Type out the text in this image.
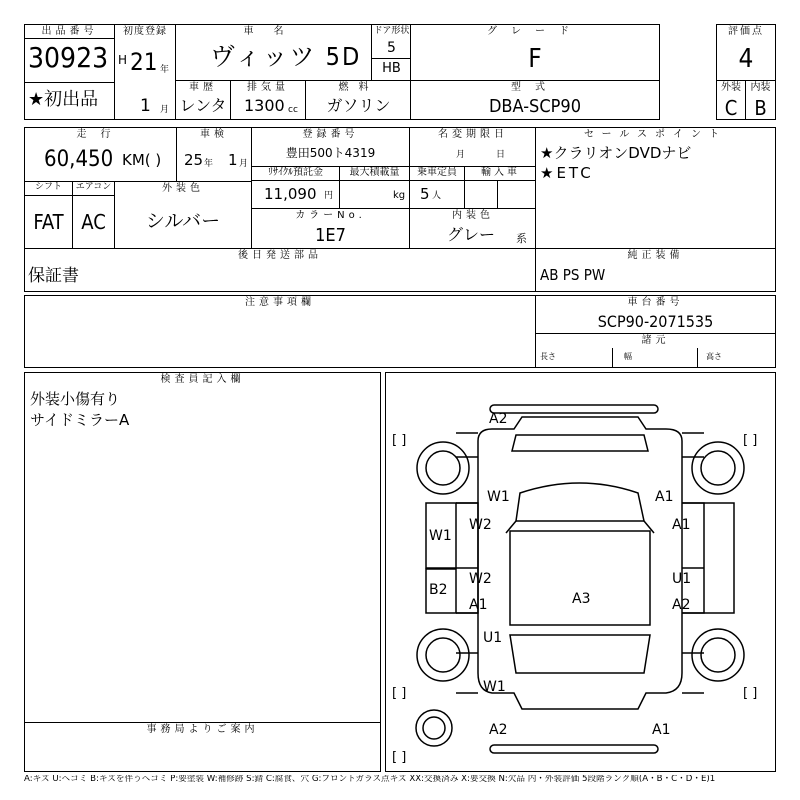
出品番号
30923
★初出品
初度登録
H 21 年
1 月
車名
ヴィッツ 5D
ドア形状
5
HB
車歴
レンタ
排気量
1300 cc
燃料
ガソリン
グレード
F
型式
DBA-SCP90
評価点
4
外装 内装
C B
走行
60,450 KM( )
車検
25 年 1 月
登録番号
豊田500ト4319
ﾘｻｲｸﾙ預託金	最大積載量
11,090 円	kg
名変期限日
月	日
乗車定員	輸入車
5 人
シフト	エアコン	外装色
FAT AC	シルバー	カラーNo.
1E7
内装色
グレー 系
セールスポイント
★クラリオンDVDナビ
★ETC
後日発送部品
保証書
純正装備
AB PS PW
注意事項欄	車台番号
SCP90-2071535
諸元
長さ	幅	高さ
検査員記入欄
外装小傷有り
サイドミラーA
事務局よりご案内
[ ]	[ ]
[ ]	[ ]
[ ]
A2
W1	A1
W1
W2	A1
B2
W2
A1	A3
U1
A2
U1
W1
A2	A1
A:キズ U:ヘコミ B:キズを伴うヘコミ P:要塗装 W:補修跡 S:錆 C:腐食、穴 G:フロントガラス点キズ XX:交換済み X:要交換 N:欠品 内・外装評価 5段階ランク順(A・B・C・D・E)1
